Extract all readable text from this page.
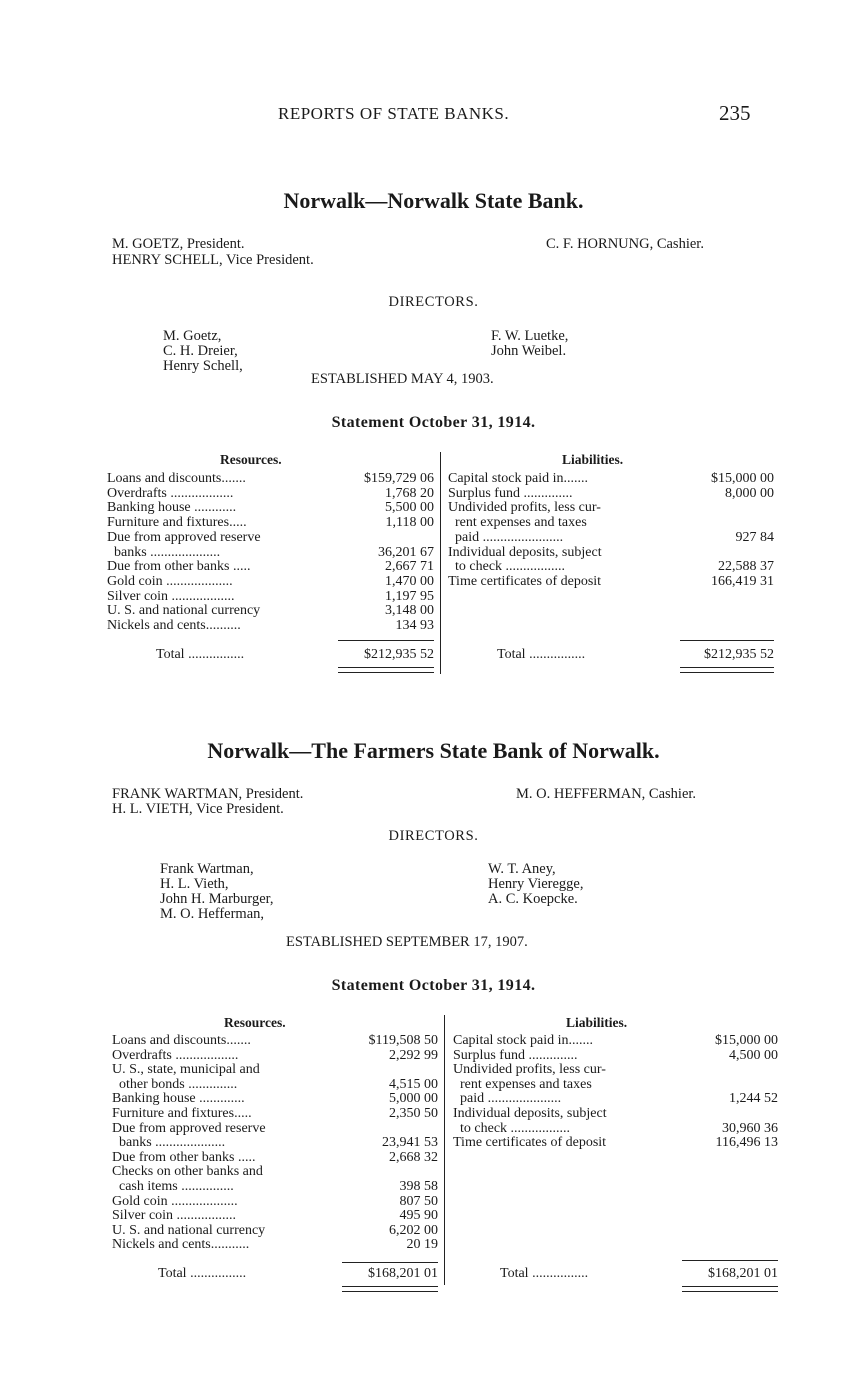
REPORTS OF STATE BANKS.	235
Norwalk—Norwalk State Bank.
M. GOETZ, President.
HENRY SCHELL, Vice President.
C. F. HORNUNG, Cashier.
DIRECTORS.
M. Goetz,
C. H. Dreier,
Henry Schell,
F. W. Luetke,
John Weibel.
ESTABLISHED MAY 4, 1903.
Statement October 31, 1914.
Resources.	Liabilities.
Loans and discounts.......	$159,729 06
Overdrafts ..................	1,768 20
Banking house ............	5,500 00
Furniture and fixtures.....	1,118 00
Due from approved reserve
banks ....................	36,201 67
Due from other banks .....	2,667 71
Gold coin ...................	1,470 00
Silver coin ..................	1,197 95
U. S. and national currency	3,148 00
Nickels and cents..........	134 93
Capital stock paid in.......	$15,000 00
Surplus fund ..............	8,000 00
Undivided profits, less cur-
rent expenses and taxes
paid .......................	927 84
Individual deposits, subject
to check .................	22,588 37
Time certificates of deposit	166,419 31
Total ................	$212,935 52	Total ................	$212,935 52
Norwalk—The Farmers State Bank of Norwalk.
FRANK WARTMAN, President.
H. L. VIETH, Vice President.
M. O. HEFFERMAN, Cashier.
DIRECTORS.
Frank Wartman,
H. L. Vieth,
John H. Marburger,
M. O. Hefferman,
W. T. Aney,
Henry Vieregge,
A. C. Koepcke.
ESTABLISHED SEPTEMBER 17, 1907.
Statement October 31, 1914.
Resources.	Liabilities.
Loans and discounts.......	$119,508 50
Overdrafts ..................	2,292 99
U. S., state, municipal and
other bonds ..............	4,515 00
Banking house .............	5,000 00
Furniture and fixtures.....	2,350 50
Due from approved reserve
banks ....................	23,941 53
Due from other banks .....	2,668 32
Checks on other banks and
cash items ...............	398 58
Gold coin ...................	807 50
Silver coin .................	495 90
U. S. and national currency	6,202 00
Nickels and cents...........	20 19
Capital stock paid in.......	$15,000 00
Surplus fund ..............	4,500 00
Undivided profits, less cur-
rent expenses and taxes
paid .....................	1,244 52
Individual deposits, subject
to check .................	30,960 36
Time certificates of deposit	116,496 13
Total ................	$168,201 01	Total ................	$168,201 01
